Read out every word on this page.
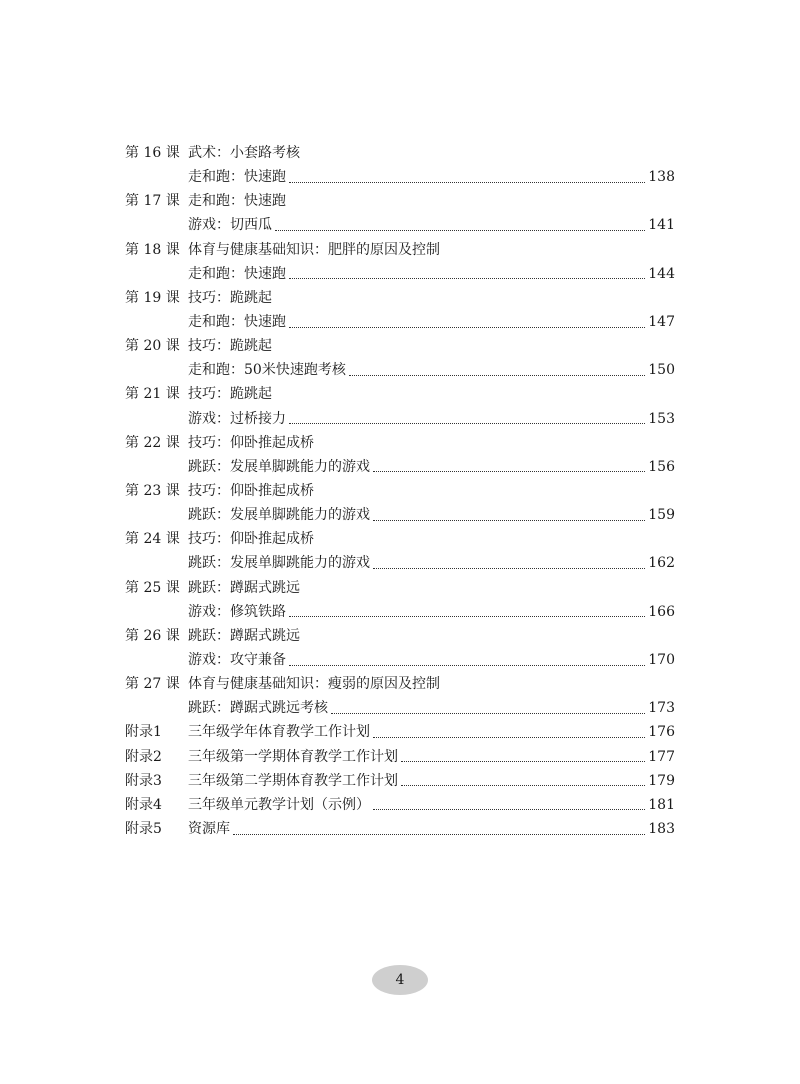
第 16 课 武术：小套路考核
走和跑：快速跑	138
第 17 课 走和跑：快速跑
游戏：切西瓜	141
第 18 课 体育与健康基础知识：肥胖的原因及控制
走和跑：快速跑	144
第 19 课 技巧：跪跳起
走和跑：快速跑	147
第 20 课 技巧：跪跳起
走和跑：50米快速跑考核	150
第 21 课 技巧：跪跳起
游戏：过桥接力	153
第 22 课 技巧：仰卧推起成桥
跳跃：发展单脚跳能力的游戏	156
第 23 课 技巧：仰卧推起成桥
跳跃：发展单脚跳能力的游戏	159
第 24 课 技巧：仰卧推起成桥
跳跃：发展单脚跳能力的游戏	162
第 25 课 跳跃：蹲踞式跳远
游戏：修筑铁路	166
第 26 课 跳跃：蹲踞式跳远
游戏：攻守兼备	170
第 27 课 体育与健康基础知识：瘦弱的原因及控制
跳跃：蹲踞式跳远考核	173
附录1	三年级学年体育教学工作计划	176
附录2	三年级第一学期体育教学工作计划	177
附录3	三年级第二学期体育教学工作计划	179
附录4	三年级单元教学计划（示例）	181
附录5	资源库	183
4
